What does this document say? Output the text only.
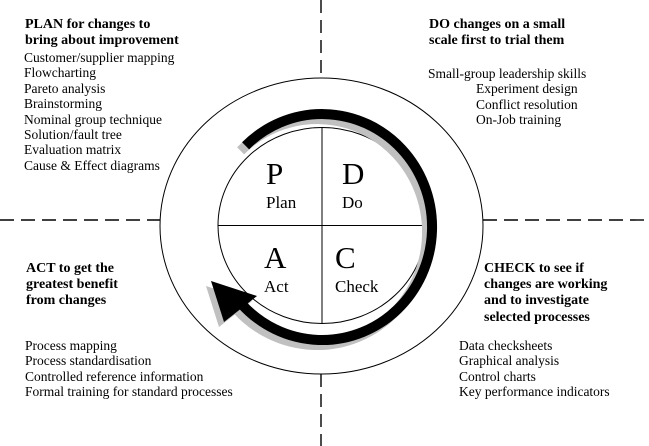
PLAN for changes to
bring about improvement
Customer/supplier mapping
Flowcharting
Pareto analysis
Brainstorming
Nominal group technique
Solution/fault tree
Evaluation matrix
Cause & Effect diagrams
DO changes on a small
scale first to trial them
Small-group leadership skills
Experiment design
Conflict resolution
On-Job training
ACT to get the
greatest benefit
from changes
Process mapping
Process standardisation
Controlled reference information
Formal training for standard processes
CHECK to see if
changes are working
and to investigate
selected processes
Data checksheets
Graphical analysis
Control charts
Key performance indicators
P
Plan
D
Do
A
Act
C
Check
